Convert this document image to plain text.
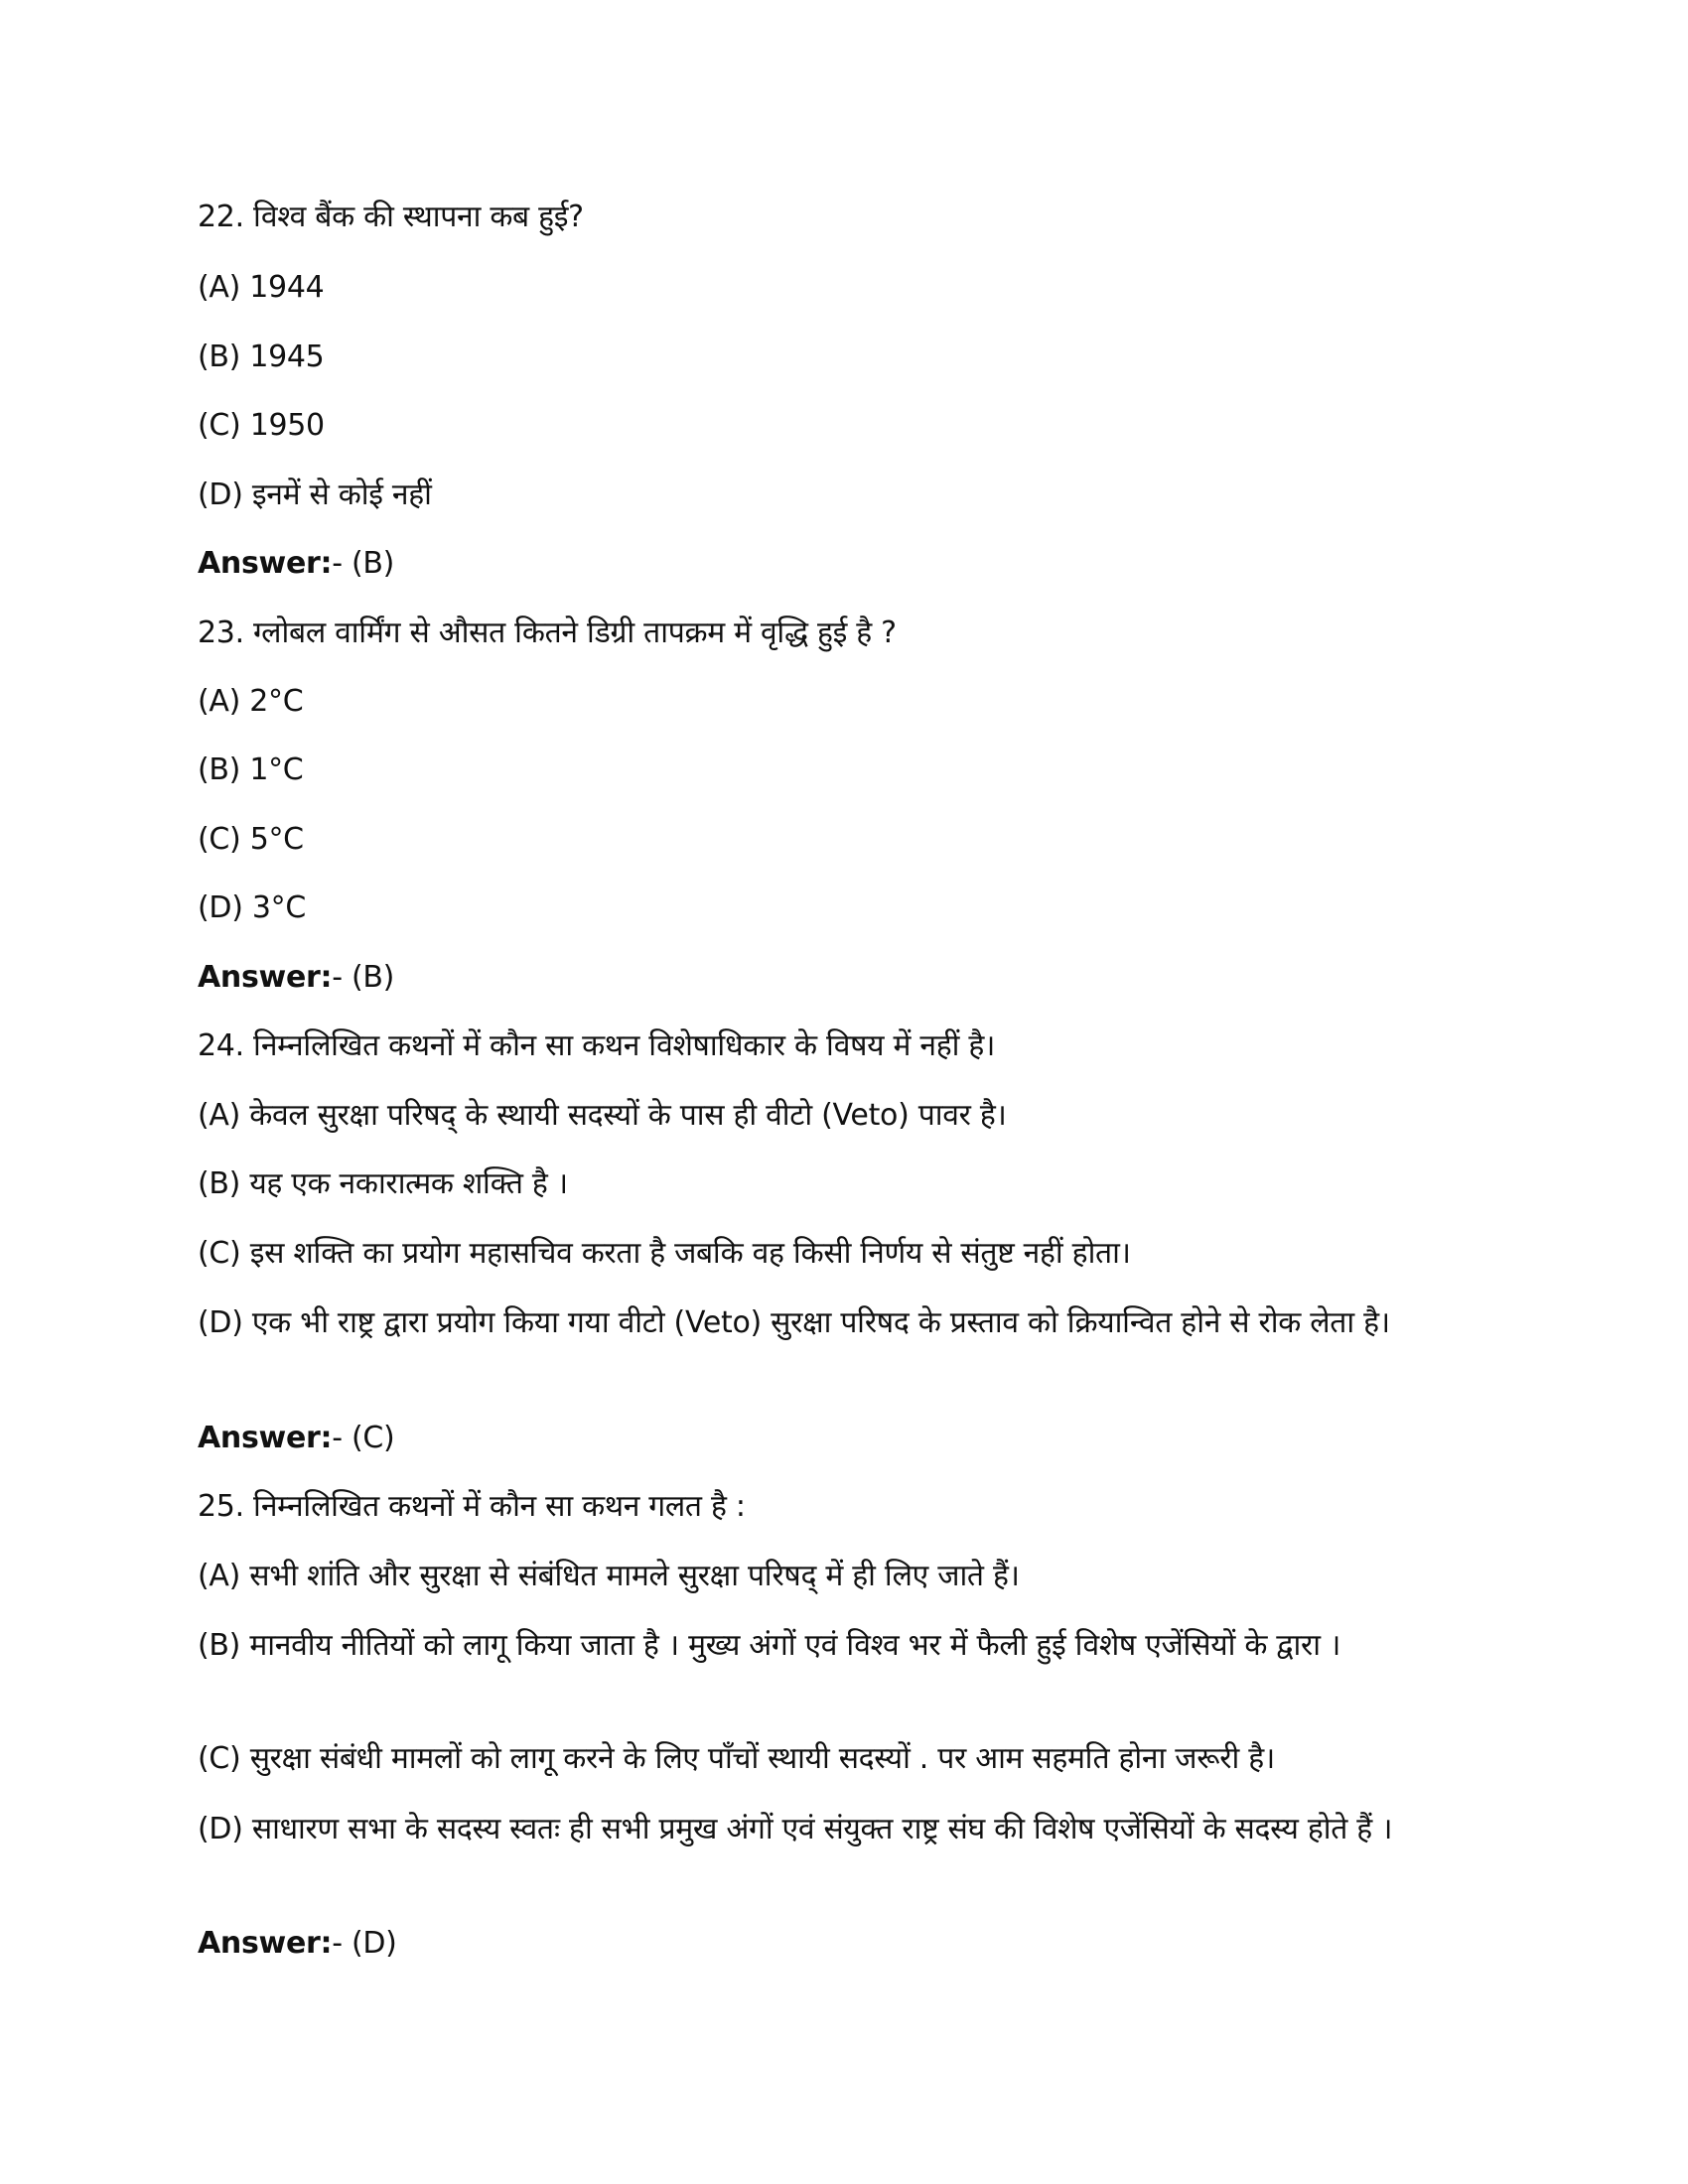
22. विश्व बैंक की स्थापना कब हुई?
(A) 1944
(B) 1945
(C) 1950
(D) इनमें से कोई नहीं
Answer:- (B)
23. ग्लोबल वार्मिंग से औसत कितने डिग्री तापक्रम में वृद्धि हुई है ?
(A) 2°C
(B) 1°C
(C) 5°C
(D) 3°C
Answer:- (B)
24. निम्नलिखित कथनों में कौन सा कथन विशेषाधिकार के विषय में नहीं है।
(A) केवल सुरक्षा परिषद् के स्थायी सदस्यों के पास ही वीटो (Veto) पावर है।
(B) यह एक नकारात्मक शक्ति है ।
(C) इस शक्ति का प्रयोग महासचिव करता है जबकि वह किसी निर्णय से संतुष्ट नहीं होता।
(D) एक भी राष्ट्र द्वारा प्रयोग किया गया वीटो (Veto) सुरक्षा परिषद के प्रस्ताव को क्रियान्वित होने से रोक लेता है।
Answer:- (C)
25. निम्नलिखित कथनों में कौन सा कथन गलत है :
(A) सभी शांति और सुरक्षा से संबंधित मामले सुरक्षा परिषद् में ही लिए जाते हैं।
(B) मानवीय नीतियों को लागू किया जाता है । मुख्य अंगों एवं विश्व भर में फैली हुई विशेष एजेंसियों के द्वारा ।
(C) सुरक्षा संबंधी मामलों को लागू करने के लिए पाँचों स्थायी सदस्यों . पर आम सहमति होना जरूरी है।
(D) साधारण सभा के सदस्य स्वतः ही सभी प्रमुख अंगों एवं संयुक्त राष्ट्र संघ की विशेष एजेंसियों के सदस्य होते हैं ।
Answer:- (D)
